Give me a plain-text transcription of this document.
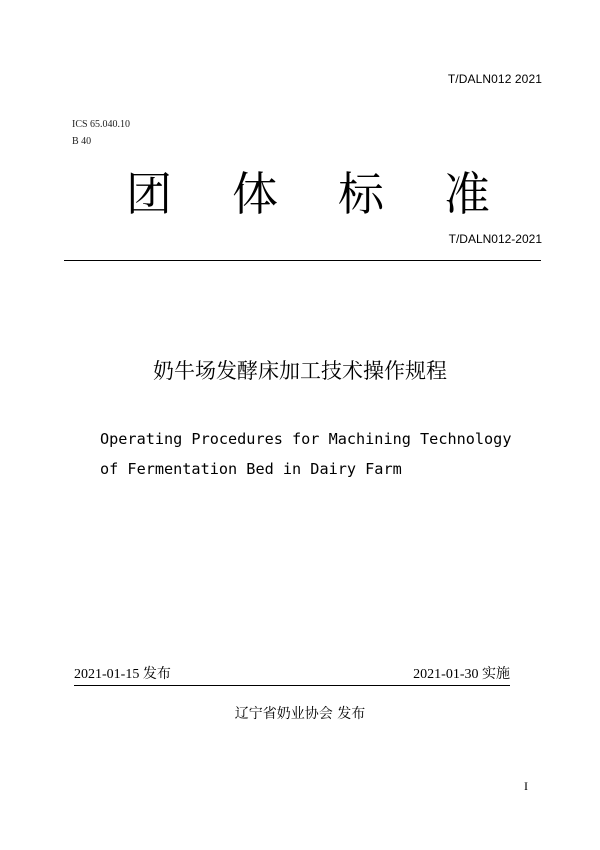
T/DALN012 2021
ICS 65.040.10
B 40
团 体 标 准
T/DALN012-2021
奶牛场发酵床加工技术操作规程
Operating Procedures for Machining Technology
of Fermentation Bed in Dairy Farm
2021-01-15 发布	2021-01-30 实施
辽宁省奶业协会 发布
I
